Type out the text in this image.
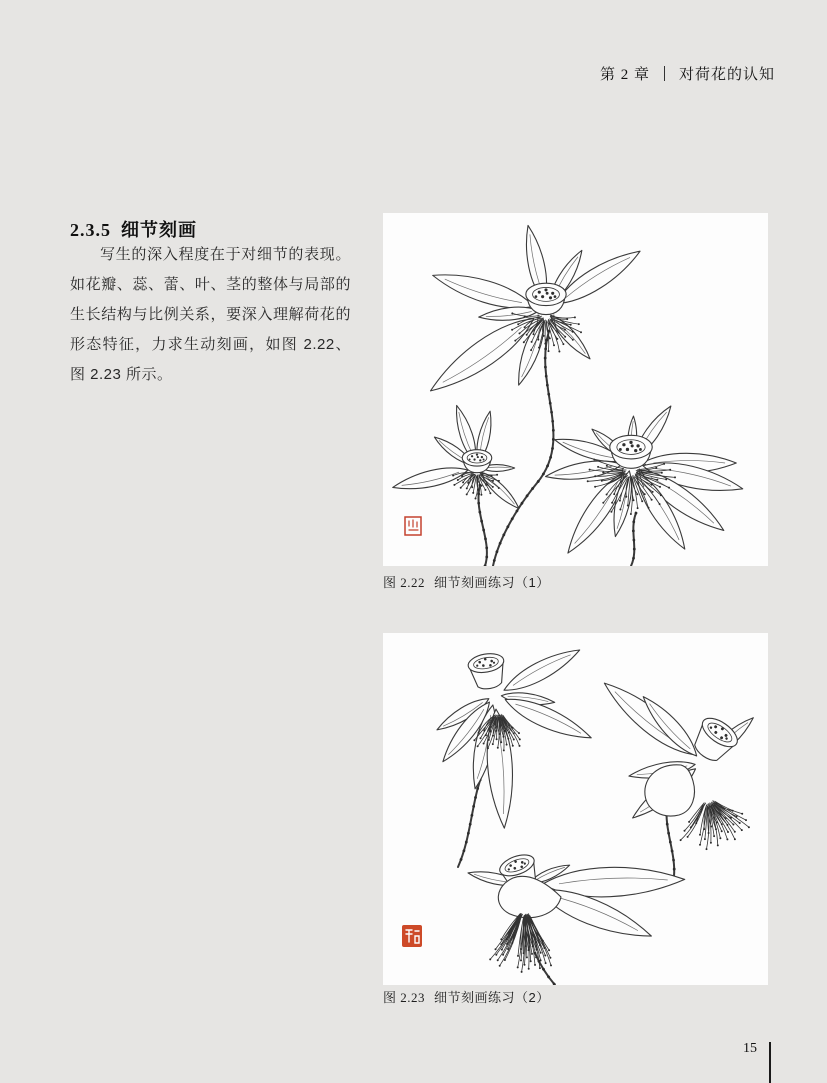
第 2 章 对荷花的认知
2.3.5 细节刻画

写生的深入程度在于对细节的表现。如花瓣、蕊、蕾、叶、茎的整体与局部的生长结构与比例关系，要深入理解荷花的形态特征，力求生动刻画，如图 2.22、图 2.23 所示。

图 2.22 细节刻画练习（1）

图 2.23 细节刻画练习（2）

15
